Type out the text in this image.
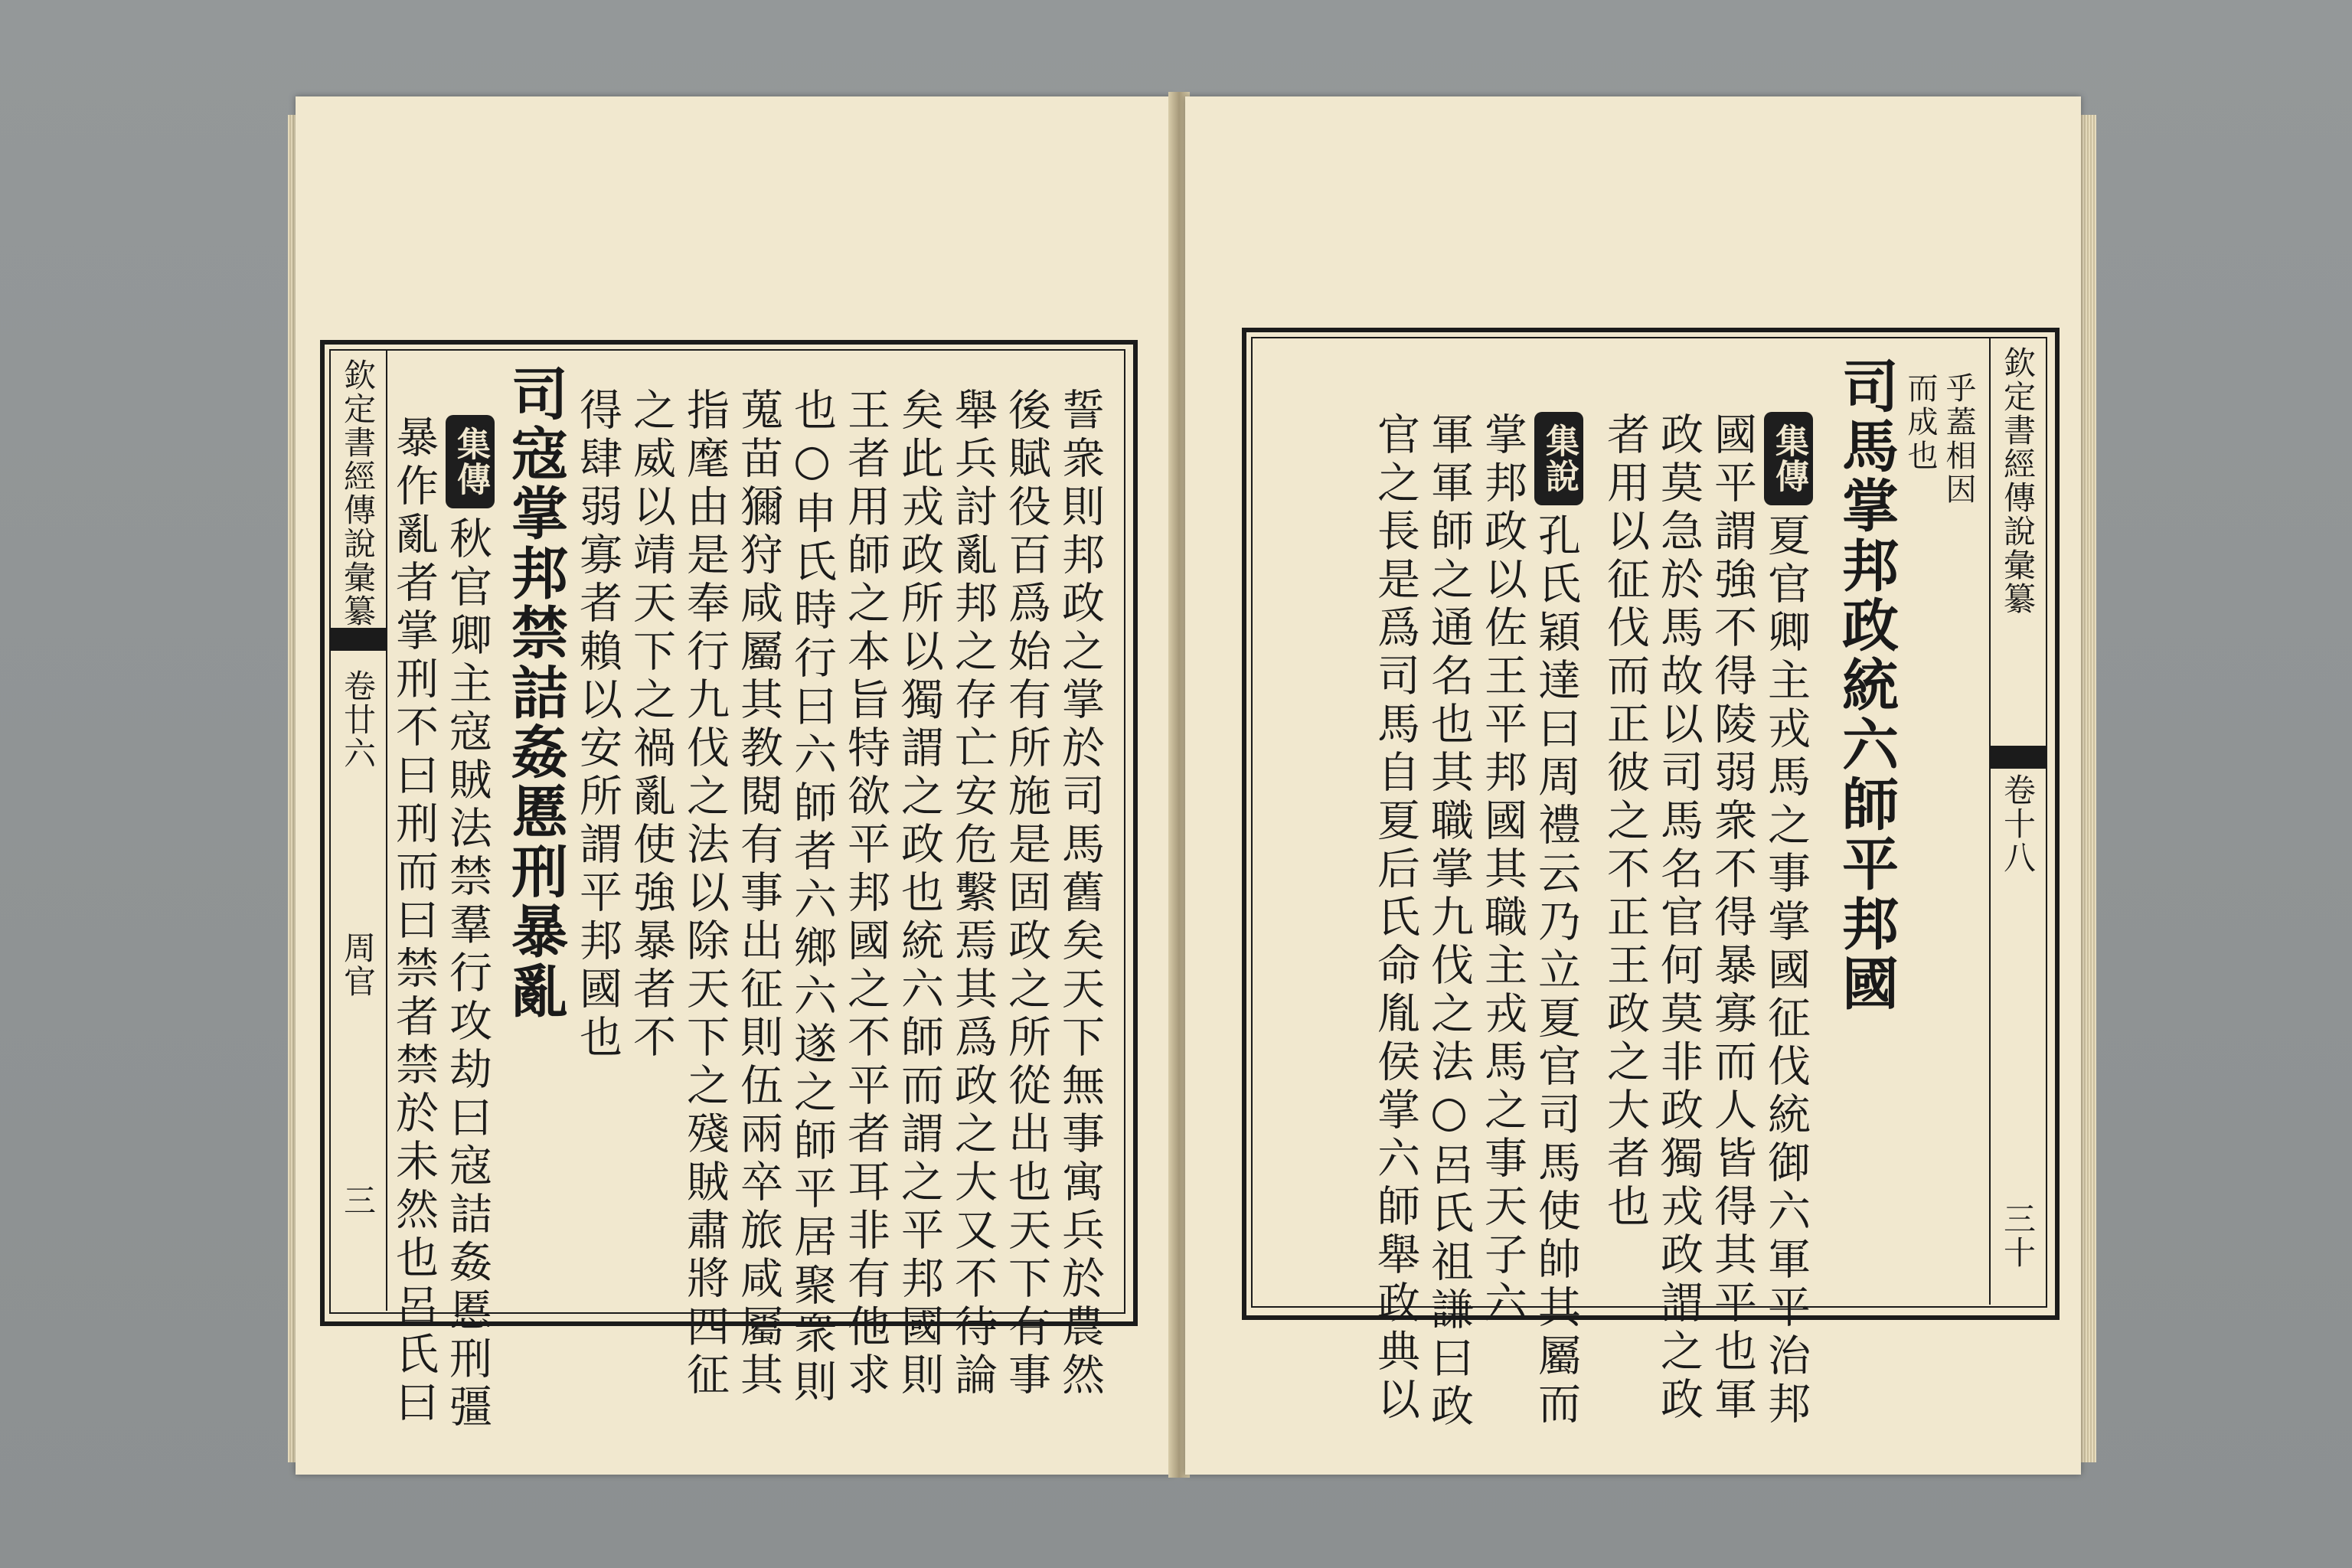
欽定書經傳說彙纂
卷廿六
周官
三	誓衆則邦政之掌於司馬舊矣天下無事寓兵於農然
後賦役百爲始有所施是固政之所從出也天下有事
舉兵討亂邦之存亡安危繫焉其爲政之大又不待論
矣此戎政所以獨謂之政也統六師而謂之平邦國則
王者用師之本旨特欲平邦國之不平者耳非有他求
也○申氏時行曰六師者六鄉六遂之師平居聚衆則
蒐苗獮狩咸屬其教閱有事出征則伍兩卒旅咸屬其
指麾由是奉行九伐之法以除天下之殘賊肅將四征
之威以靖天下之禍亂使強暴者不
得肆弱寡者賴以安所謂平邦國也
司寇掌邦禁詰姦慝刑暴亂
集傳
秋官卿主寇賊法禁羣行攻劫曰寇詰姦慝刑彊
暴作亂者掌刑不曰刑而曰禁者禁於未然也呂氏曰	欽定書經傳說彙纂
卷十八
三十
乎蓋相因
而成也
司馬掌邦政統六師平邦國
集傳
夏官卿主戎馬之事掌國征伐統御六軍平治邦
國平謂強不得陵弱衆不得暴寡而人皆得其平也軍
政莫急於馬故以司馬名官何莫非政獨戎政謂之政
者用以征伐而正彼之不正王政之大者也
集說
孔氏穎達曰周禮云乃立夏官司馬使帥其屬而
掌邦政以佐王平邦國其職主戎馬之事天子六
軍軍師之通名也其職掌九伐之法○呂氏祖謙曰政
官之長是爲司馬自夏后氏命胤侯掌六師舉政典以
